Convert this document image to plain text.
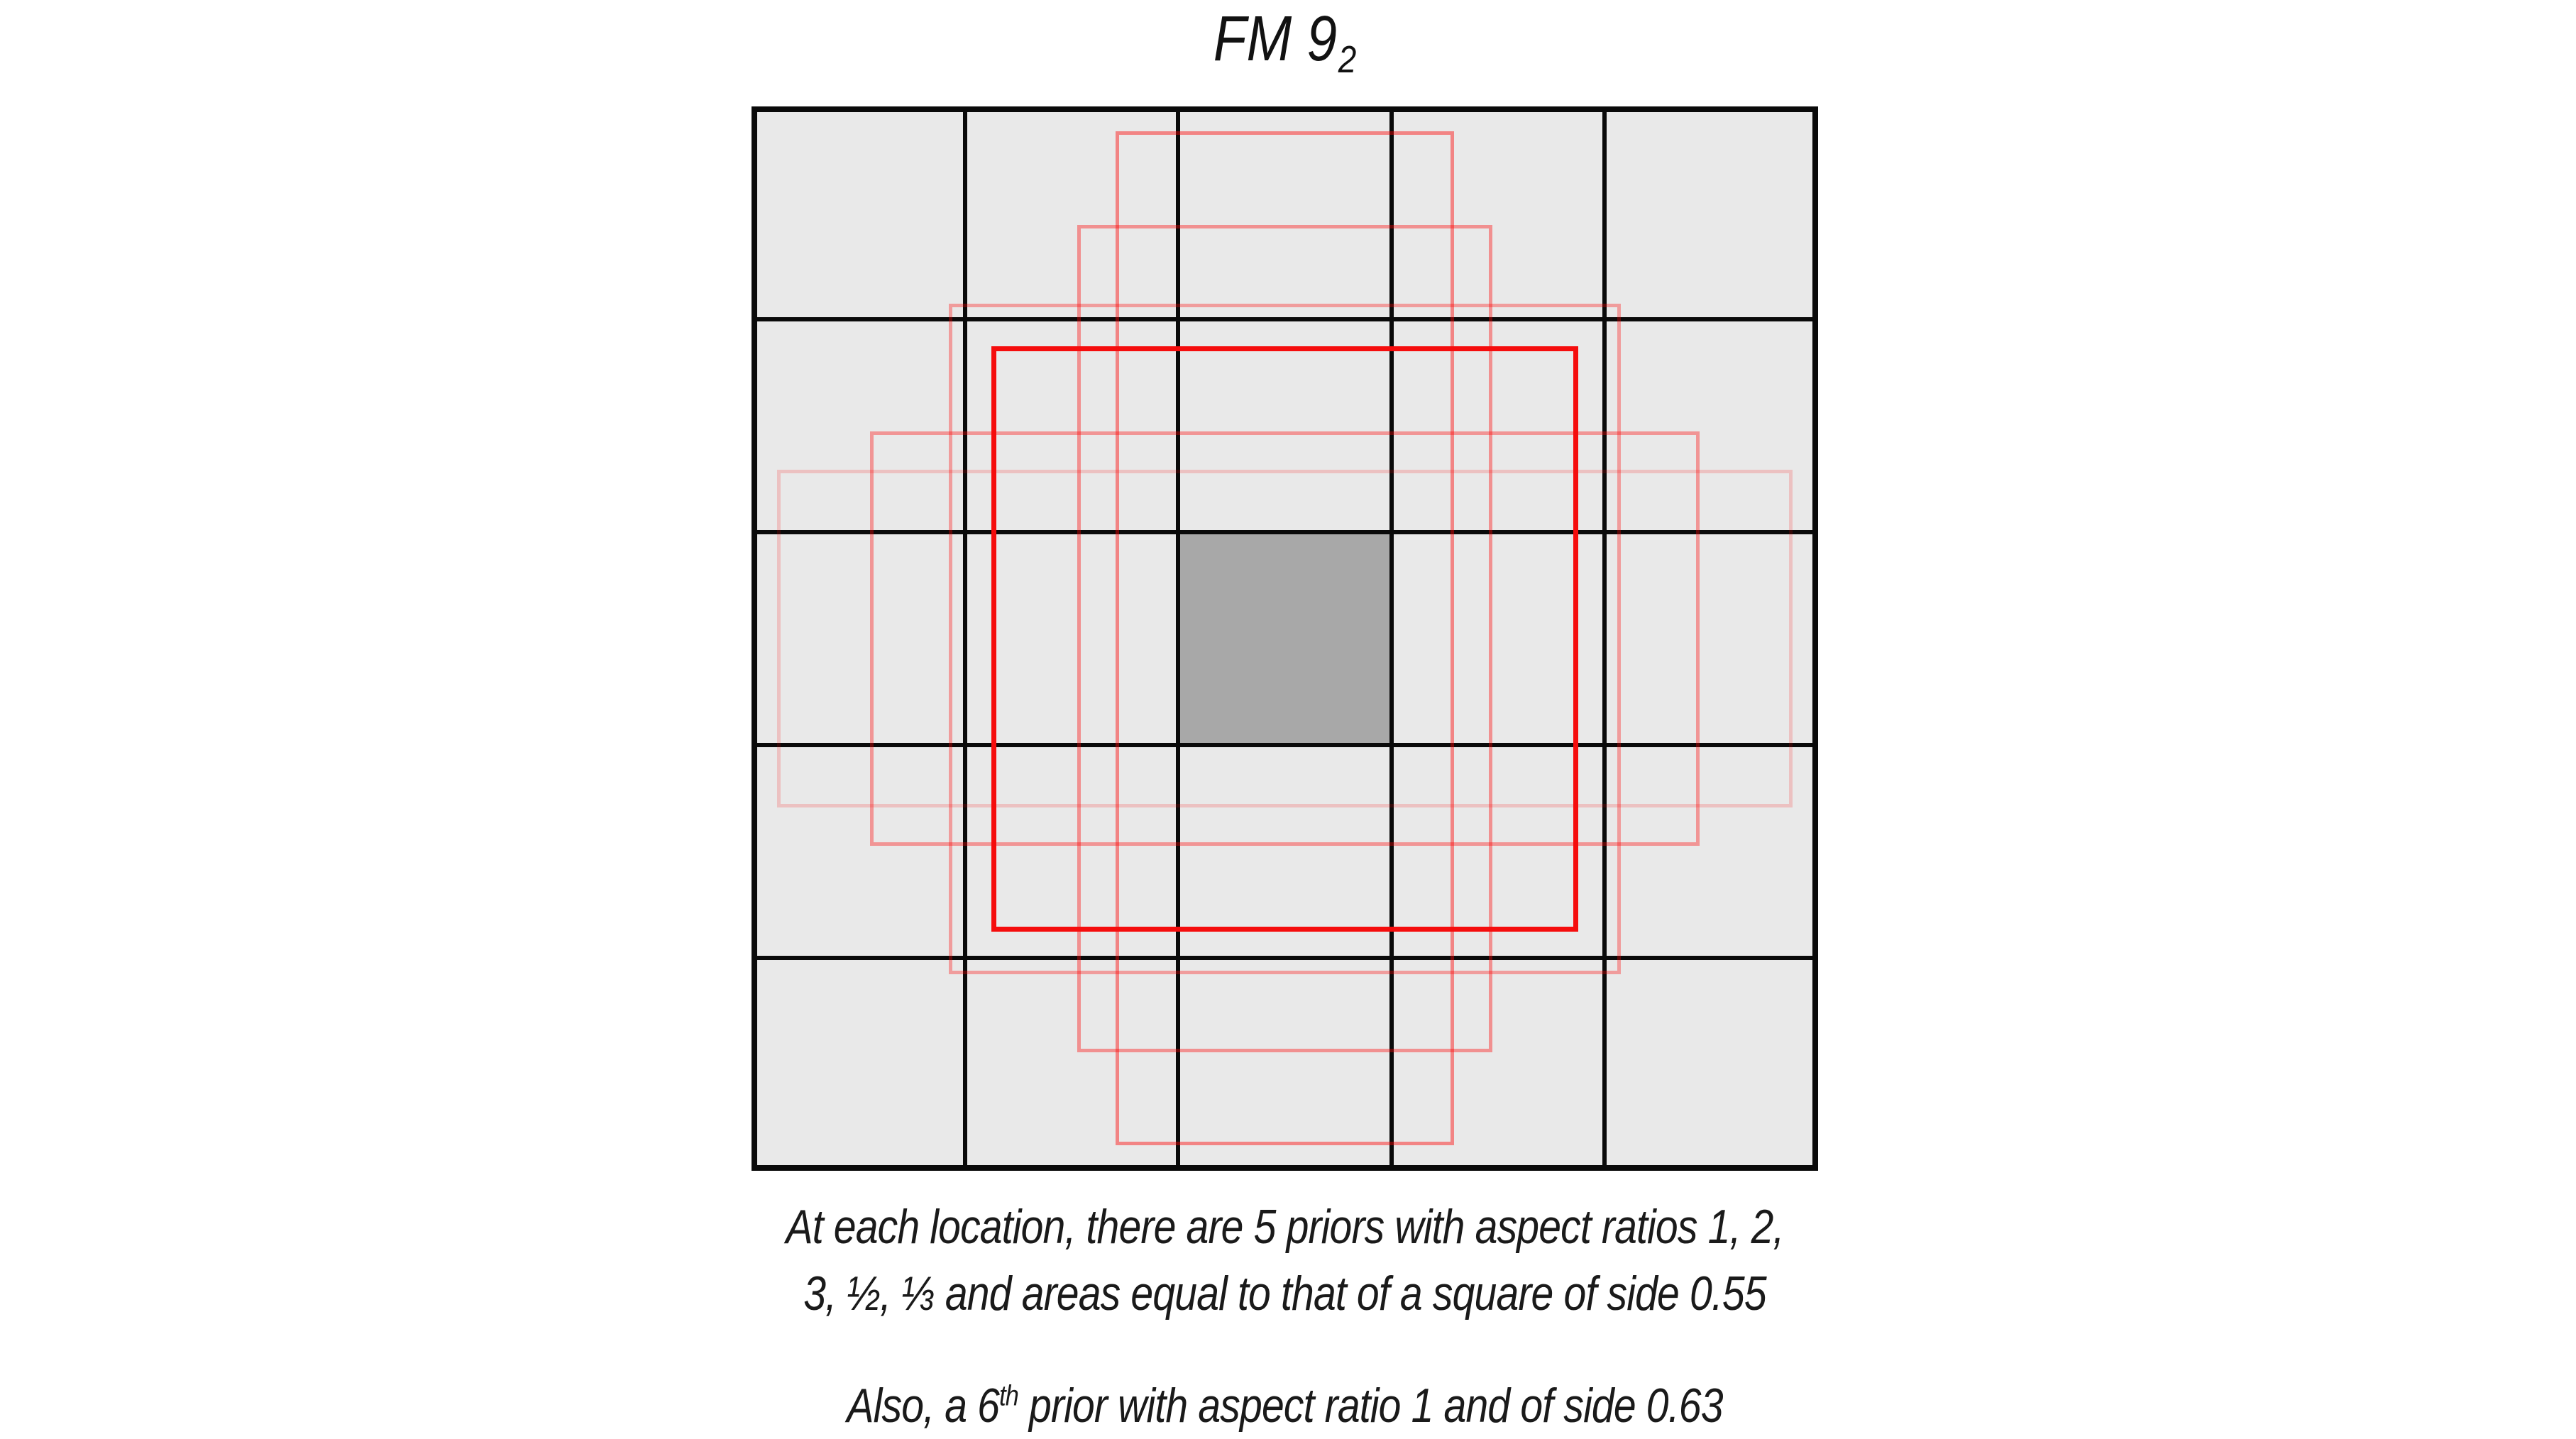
FM 92
At each location, there are 5 priors with aspect ratios 1, 2,
3, ½, ⅓ and areas equal to that of a square of side 0.55
Also, a 6th prior with aspect ratio 1 and of side 0.63
